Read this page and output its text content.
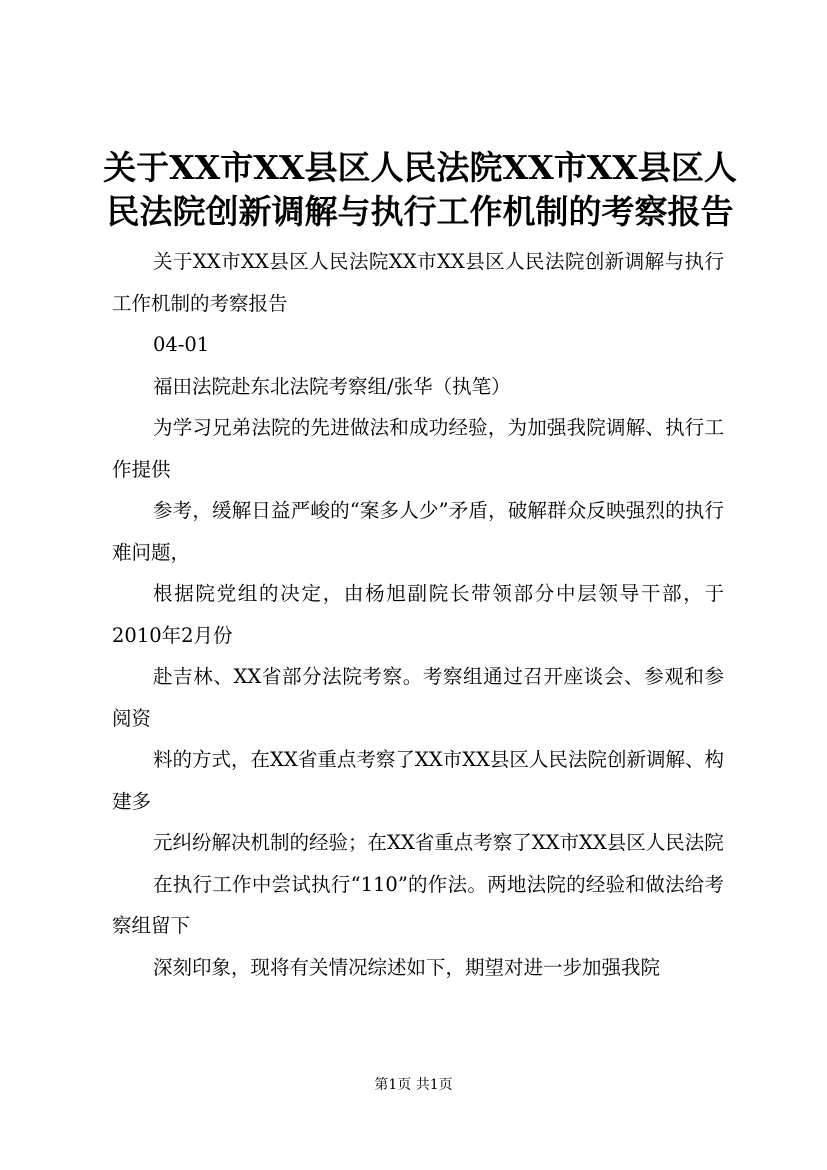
关于XX市XX县区人民法院XX市XX县区人民法院创新调解与执行工作机制的考察报告

关于XX市XX县区人民法院XX市XX县区人民法院创新调解与执行工作机制的考察报告

04-01

福田法院赴东北法院考察组/张华（执笔）

为学习兄弟法院的先进做法和成功经验，为加强我院调解、执行工作提供

参考，缓解日益严峻的“案多人少”矛盾，破解群众反映强烈的执行难问题，

根据院党组的决定，由杨旭副院长带领部分中层领导干部，于2010年2月份

赴吉林、XX省部分法院考察。考察组通过召开座谈会、参观和参阅资

料的方式，在XX省重点考察了XX市XX县区人民法院创新调解、构建多

元纠纷解决机制的经验；在XX省重点考察了XX市XX县区人民法院

在执行工作中尝试执行“110”的作法。两地法院的经验和做法给考察组留下

深刻印象，现将有关情况综述如下，期望对进一步加强我院

第1页 共1页
